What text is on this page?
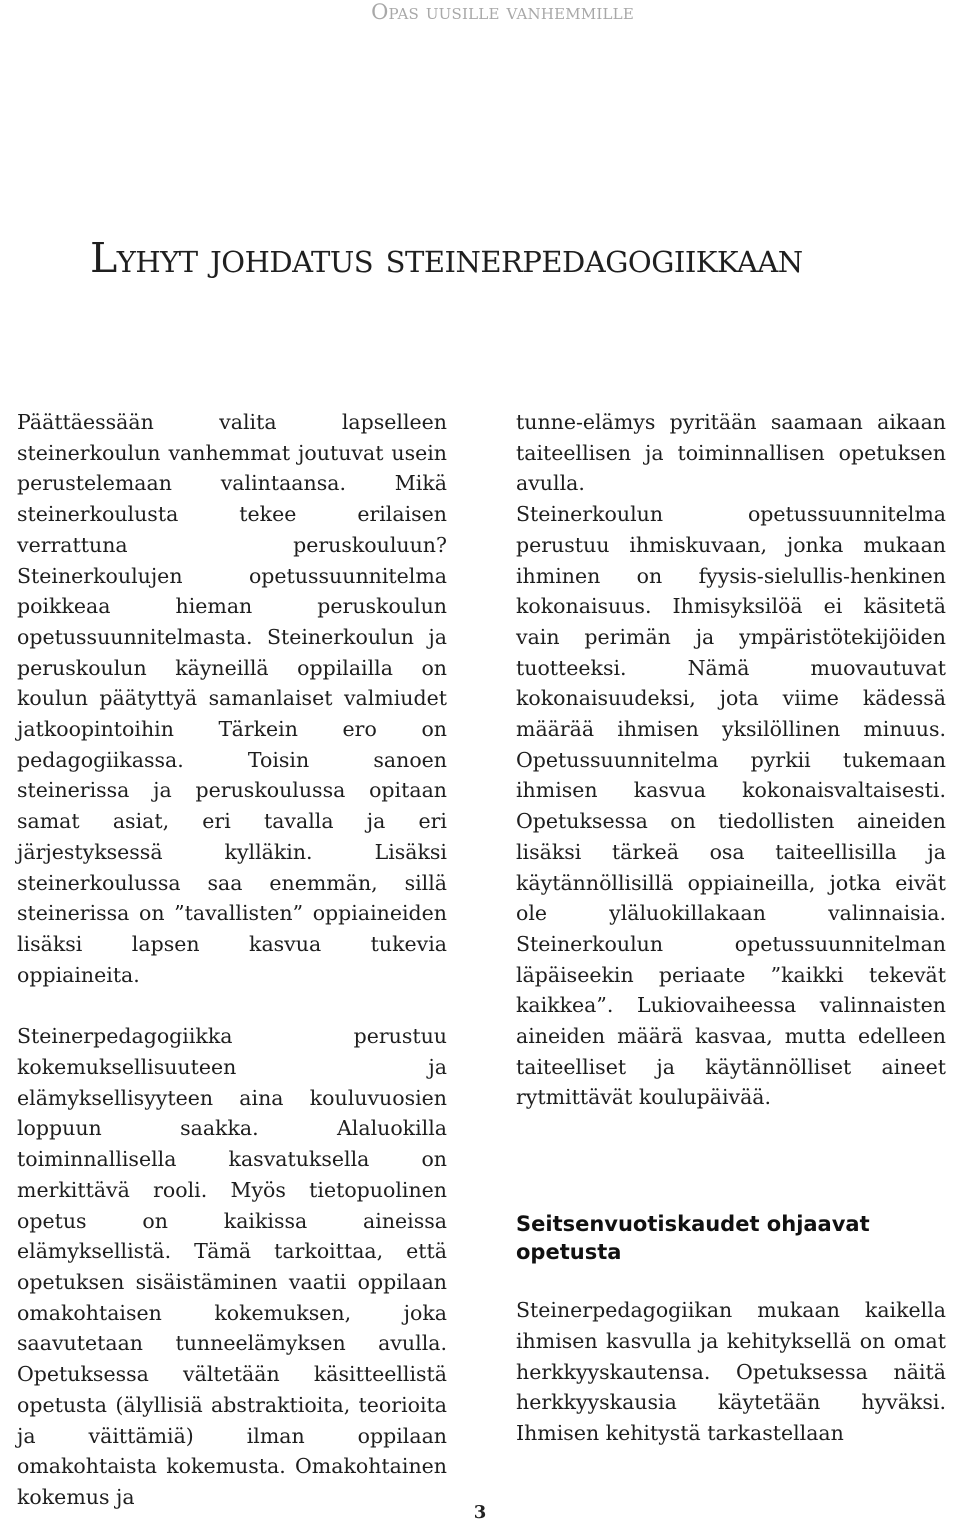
Opas uusille vanhemmille
Lyhyt johdatus steinerpedagogiikkaan

Päättäessään valita lapselleen steinerkoulun vanhemmat joutuvat usein perustelemaan valintaansa. Mikä steinerkoulusta tekee erilaisen verrattuna peruskouluun? Steinerkoulujen opetussuunnitelma poikkeaa hieman peruskoulun opetussuunnitelmasta. Steinerkoulun ja peruskoulun käyneillä oppilailla on koulun päätyttyä samanlaiset valmiudet jatkoopintoihin Tärkein ero on pedagogiikassa. Toisin sanoen steinerissa ja peruskoulussa opitaan samat asiat, eri tavalla ja eri järjestyksessä kylläkin. Lisäksi steinerkoulussa saa enemmän, sillä steinerissa on ”tavallisten” oppiaineiden lisäksi lapsen kasvua tukevia oppiaineita.

Steinerpedagogiikka perustuu kokemuksellisuuteen ja elämyksellisyyteen aina kouluvuosien loppuun saakka. Alaluokilla toiminnallisella kasvatuksella on merkittävä rooli. Myös tietopuolinen opetus on kaikissa aineissa elämyksellistä. Tämä tarkoittaa, että opetuksen sisäistäminen vaatii oppilaan omakohtaisen kokemuksen, joka saavutetaan tunneelämyksen avulla. Opetuksessa vältetään käsitteellistä opetusta (älyllisiä abstraktioita, teorioita ja väittämiä) ilman oppilaan omakohtaista kokemusta. Omakohtainen kokemus ja

tunne-elämys pyritään saamaan aikaan taiteellisen ja toiminnallisen opetuksen avulla.

Steinerkoulun opetussuunnitelma perustuu ihmiskuvaan, jonka mukaan ihminen on fyysis-sielullis-henkinen kokonaisuus. Ihmisyksilöä ei käsitetä vain perimän ja ympäristötekijöiden tuotteeksi. Nämä muovautuvat kokonaisuudeksi, jota viime kädessä määrää ihmisen yksilöllinen minuus. Opetussuunnitelma pyrkii tukemaan ihmisen kasvua kokonaisvaltaisesti. Opetuksessa on tiedollisten aineiden lisäksi tärkeä osa taiteellisilla ja käytännöllisillä oppiaineilla, jotka eivät ole yläluokillakaan valinnaisia. Steinerkoulun opetussuunnitelman läpäiseekin periaate ”kaikki tekevät kaikkea”. Lukiovaiheessa valinnaisten aineiden määrä kasvaa, mutta edelleen taiteelliset ja käytännölliset aineet rytmittävät koulupäivää.

Seitsenvuotiskaudet ohjaavat opetusta

Steinerpedagogiikan mukaan kaikella ihmisen kasvulla ja kehityksellä on omat herkkyyskautensa. Opetuksessa näitä herkkyyskausia käytetään hyväksi. Ihmisen kehitystä tarkastellaan

3
